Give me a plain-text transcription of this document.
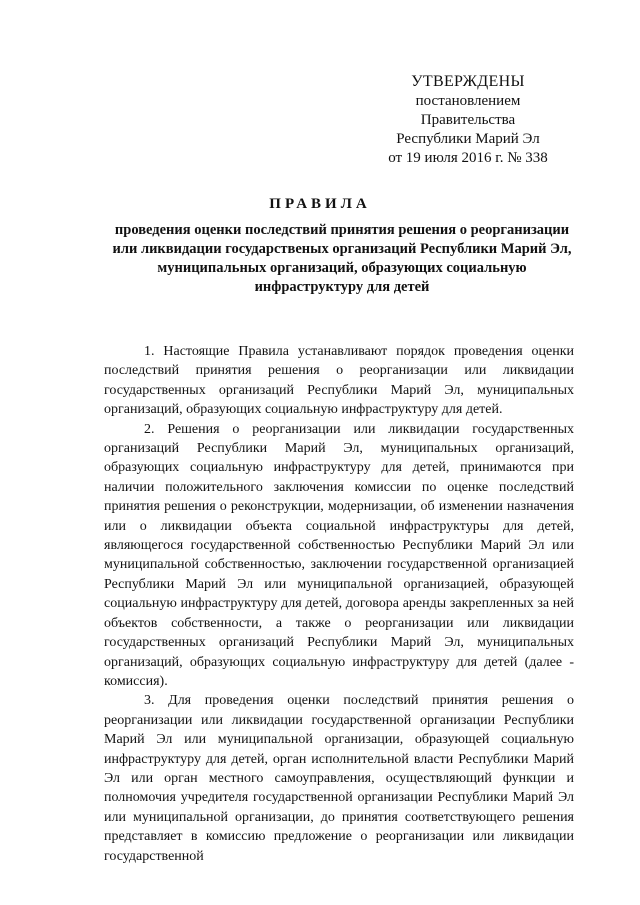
УТВЕРЖДЕНЫ
постановлением Правительства
Республики Марий Эл
от 19 июля 2016 г. № 338
ПРАВИЛА
проведения оценки последствий принятия решения о реорганизации или ликвидации государственых организаций Республики Марий Эл, муниципальных организаций, образующих социальную инфраструктуру для детей

1. Настоящие Правила устанавливают порядок проведения оценки последствий принятия решения о реорганизации или ликвидации государственных организаций Республики Марий Эл, муниципальных организаций, образующих социальную инфраструктуру для детей.

2. Решения о реорганизации или ликвидации государственных организаций Республики Марий Эл, муниципальных организаций, образующих социальную инфраструктуру для детей, принимаются при наличии положительного заключения комиссии по оценке последствий принятия решения о реконструкции, модернизации, об изменении назначения или о ликвидации объекта социальной инфраструктуры для детей, являющегося государственной собственностью Республики Марий Эл или муниципальной собственностью, заключении государственной организацией Республики Марий Эл или муниципальной организацией, образующей социальную инфраструктуру для детей, договора аренды закрепленных за ней объектов собственности, а также о реорганизации или ликвидации государственных организаций Республики Марий Эл, муниципальных организаций, образующих социальную инфраструктуру для детей (далее - комиссия).

3. Для проведения оценки последствий принятия решения о реорганизации или ликвидации государственной организации Республики Марий Эл или муниципальной организации, образующей социальную инфраструктуру для детей, орган исполнительной власти Республики Марий Эл или орган местного самоуправления, осуществляющий функции и полномочия учредителя государственной организации Республики Марий Эл или муниципальной организации, до принятия соответствующего решения представляет в комиссию предложение о реорганизации или ликвидации государственной
